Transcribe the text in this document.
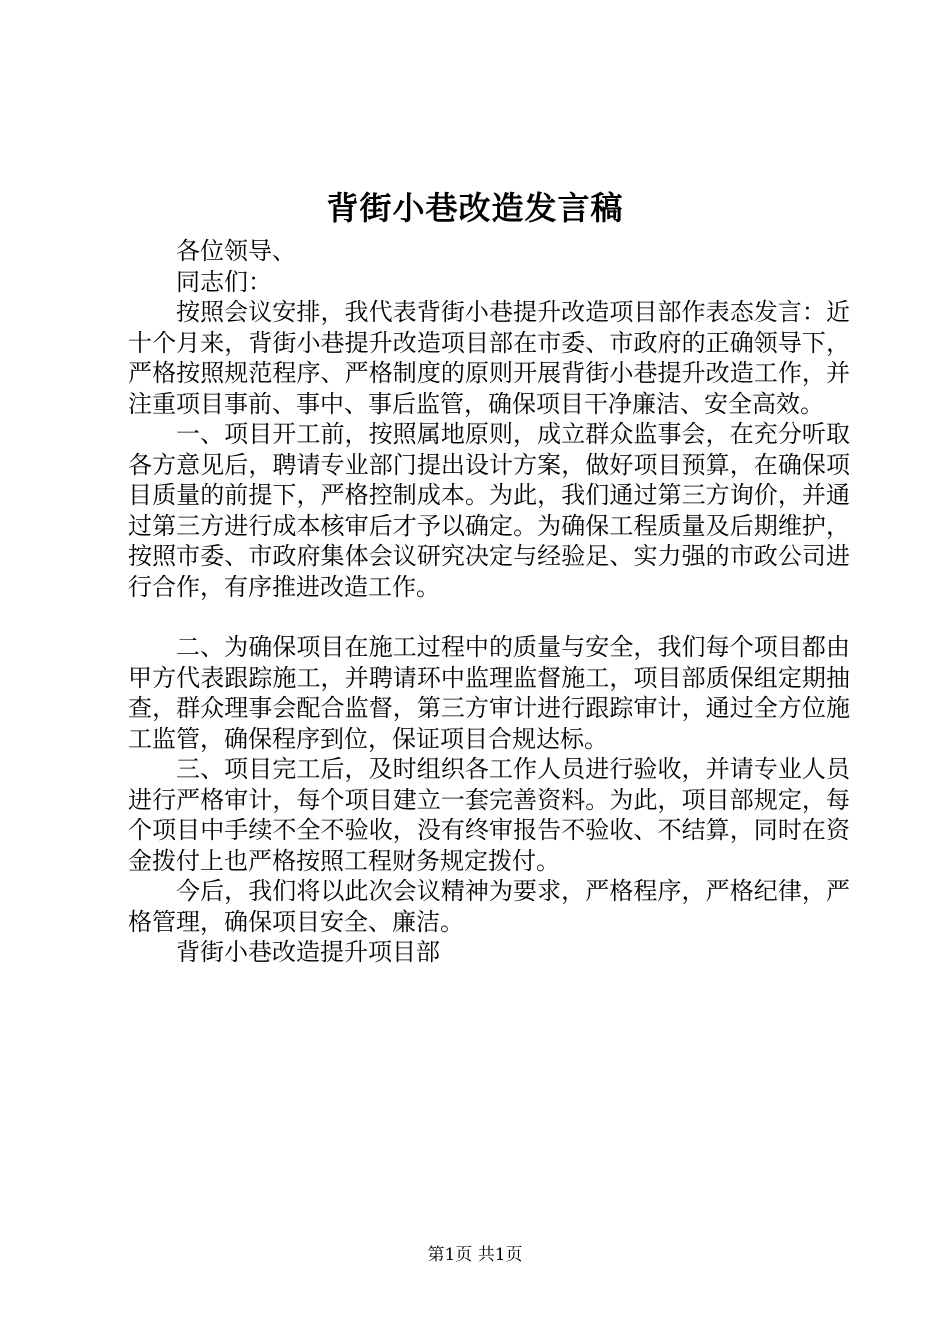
背街小巷改造发言稿

各位领导、

同志们：

按照会议安排，我代表背街小巷提升改造项目部作表态发言：近十个月来，背街小巷提升改造项目部在市委、市政府的正确领导下，严格按照规范程序、严格制度的原则开展背街小巷提升改造工作，并注重项目事前、事中、事后监管，确保项目干净廉洁、安全高效。

一、项目开工前，按照属地原则，成立群众监事会，在充分听取各方意见后，聘请专业部门提出设计方案，做好项目预算，在确保项目质量的前提下，严格控制成本。为此，我们通过第三方询价，并通过第三方进行成本核审后才予以确定。为确保工程质量及后期维护，按照市委、市政府集体会议研究决定与经验足、实力强的市政公司进行合作，有序推进改造工作。

二、为确保项目在施工过程中的质量与安全，我们每个项目都由甲方代表跟踪施工，并聘请环中监理监督施工，项目部质保组定期抽查，群众理事会配合监督，第三方审计进行跟踪审计，通过全方位施工监管，确保程序到位，保证项目合规达标。

三、项目完工后，及时组织各工作人员进行验收，并请专业人员进行严格审计，每个项目建立一套完善资料。为此，项目部规定，每个项目中手续不全不验收，没有终审报告不验收、不结算，同时在资金拨付上也严格按照工程财务规定拨付。

今后，我们将以此次会议精神为要求，严格程序，严格纪律，严格管理，确保项目安全、廉洁。

背街小巷改造提升项目部

第1页 共1页
